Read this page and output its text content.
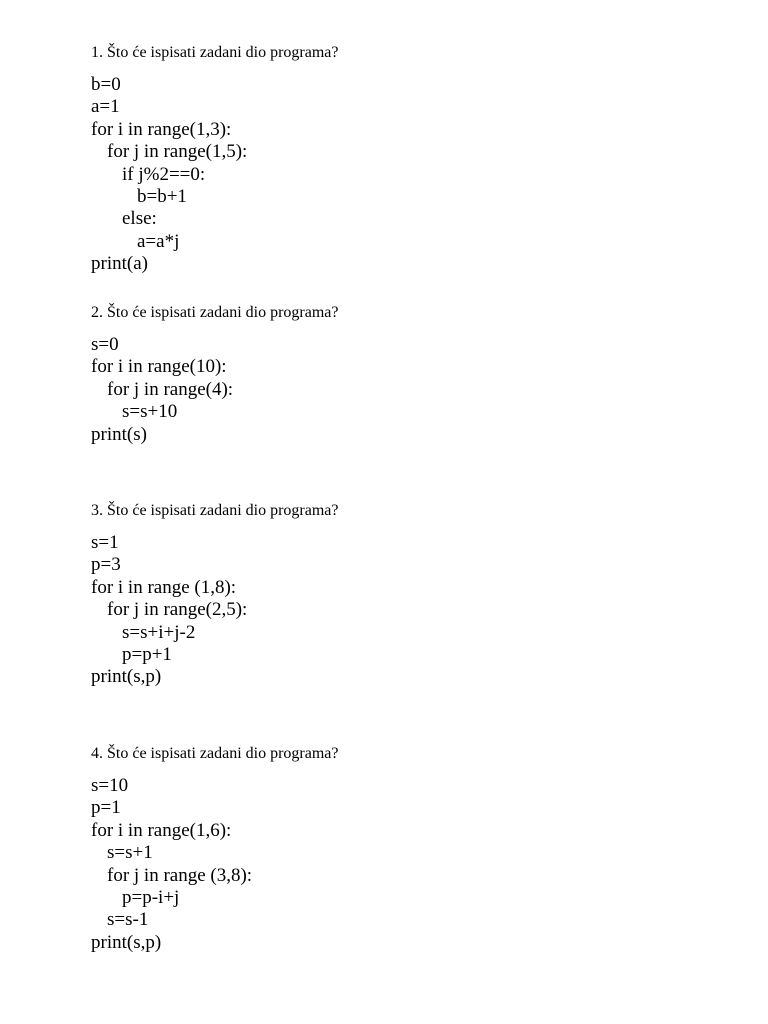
1. Što će ispisati zadani dio programa?
b=0
a=1
for i in range(1,3):
for j in range(1,5):
if j%2==0:
b=b+1
else:
a=a*j
print(a)
2. Što će ispisati zadani dio programa?
s=0
for i in range(10):
for j in range(4):
s=s+10
print(s)
3. Što će ispisati zadani dio programa?
s=1
p=3
for i in range (1,8):
for j in range(2,5):
s=s+i+j-2
p=p+1
print(s,p)
4. Što će ispisati zadani dio programa?
s=10
p=1
for i in range(1,6):
s=s+1
for j in range (3,8):
p=p-i+j
s=s-1
print(s,p)
